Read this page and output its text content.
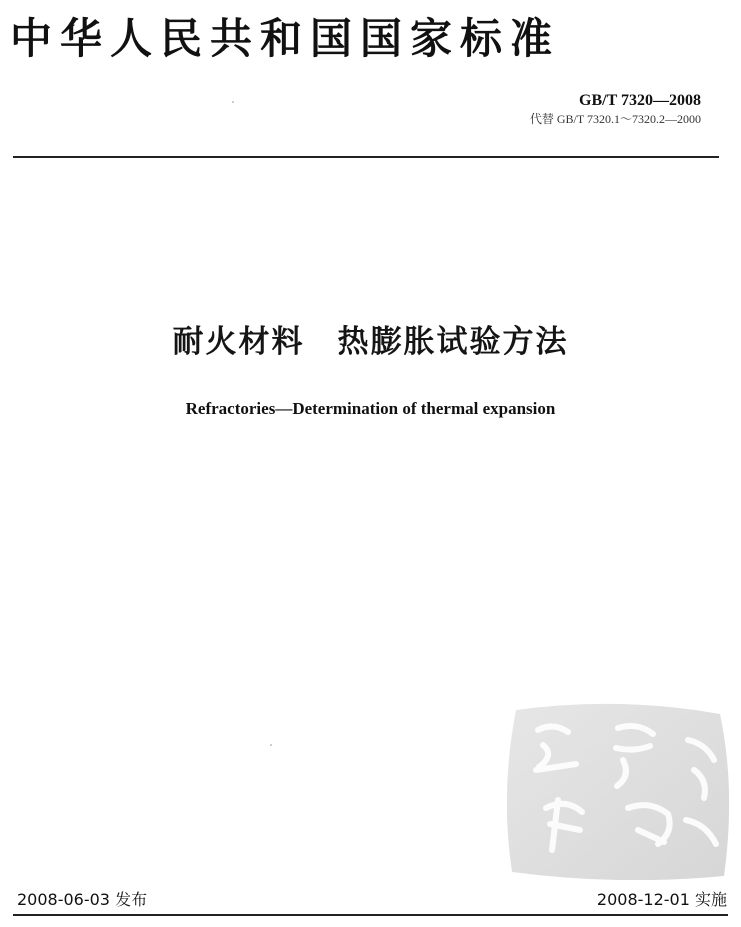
中华人民共和国国家标准
GB/T 7320—2008
代替 GB/T 7320.1～7320.2—2000
耐火材料　热膨胀试验方法
Refractories—Determination of thermal expansion
2008-06-03 发布	2008-12-01 实施
